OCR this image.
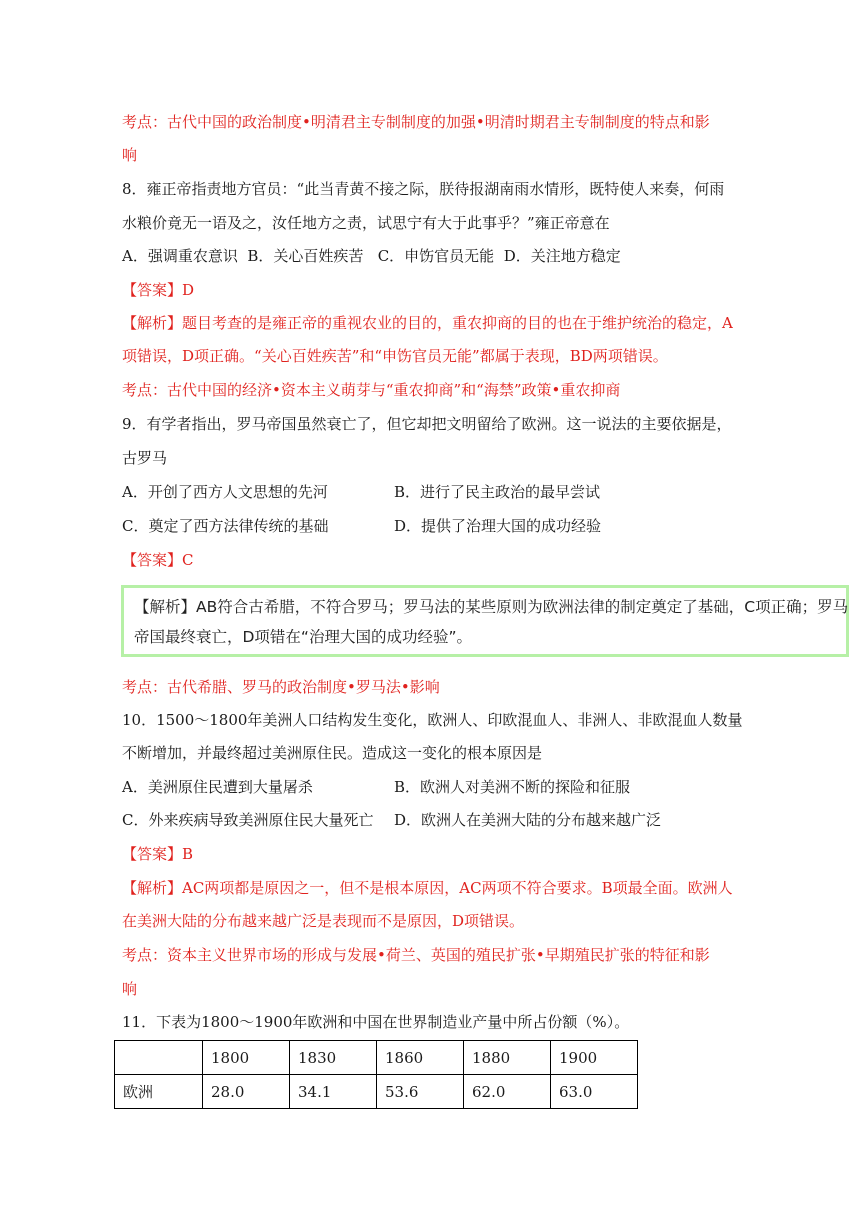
考点：古代中国的政治制度•明清君主专制制度的加强•明清时期君主专制制度的特点和影
响
8．雍正帝指责地方官员：“此当青黄不接之际，朕待报湖南雨水情形，既特使人来奏，何雨
水粮价竟无一语及之，汝任地方之责，试思宁有大于此事乎？”雍正帝意在
A．强调重农意识  B．关心百姓疾苦   C．申饬官员无能  D．关注地方稳定
【答案】D
【解析】题目考查的是雍正帝的重视农业的目的，重农抑商的目的也在于维护统治的稳定，A
项错误，D项正确。“关心百姓疾苦”和“申饬官员无能”都属于表现，BD两项错误。
考点：古代中国的经济•资本主义萌芽与“重农抑商”和“海禁”政策•重农抑商
9．有学者指出，罗马帝国虽然衰亡了，但它却把文明留给了欧洲。这一说法的主要依据是，
古罗马
A．开创了西方人文思想的先河	B．进行了民主政治的最早尝试
C．奠定了西方法律传统的基础	D．提供了治理大国的成功经验
【答案】C
【解析】AB符合古希腊，不符合罗马；罗马法的某些原则为欧洲法律的制定奠定了基础，C项正确；罗马
帝国最终衰亡，D项错在“治理大国的成功经验”。
考点：古代希腊、罗马的政治制度•罗马法•影响
10．1500～1800年美洲人口结构发生变化，欧洲人、印欧混血人、非洲人、非欧混血人数量
不断增加，并最终超过美洲原住民。造成这一变化的根本原因是
A．美洲原住民遭到大量屠杀	B．欧洲人对美洲不断的探险和征服
C．外来疾病导致美洲原住民大量死亡 D．欧洲人在美洲大陆的分布越来越广泛
【答案】B
【解析】AC两项都是原因之一，但不是根本原因，AC两项不符合要求。B项最全面。欧洲人
在美洲大陆的分布越来越广泛是表现而不是原因，D项错误。
考点：资本主义世界市场的形成与发展•荷兰、英国的殖民扩张•早期殖民扩张的特征和影
响
11．下表为1800～1900年欧洲和中国在世界制造业产量中所占份额（%）。
	1800	1830	1860	1880	1900
欧洲	28.0	34.1	53.6	62.0	63.0
